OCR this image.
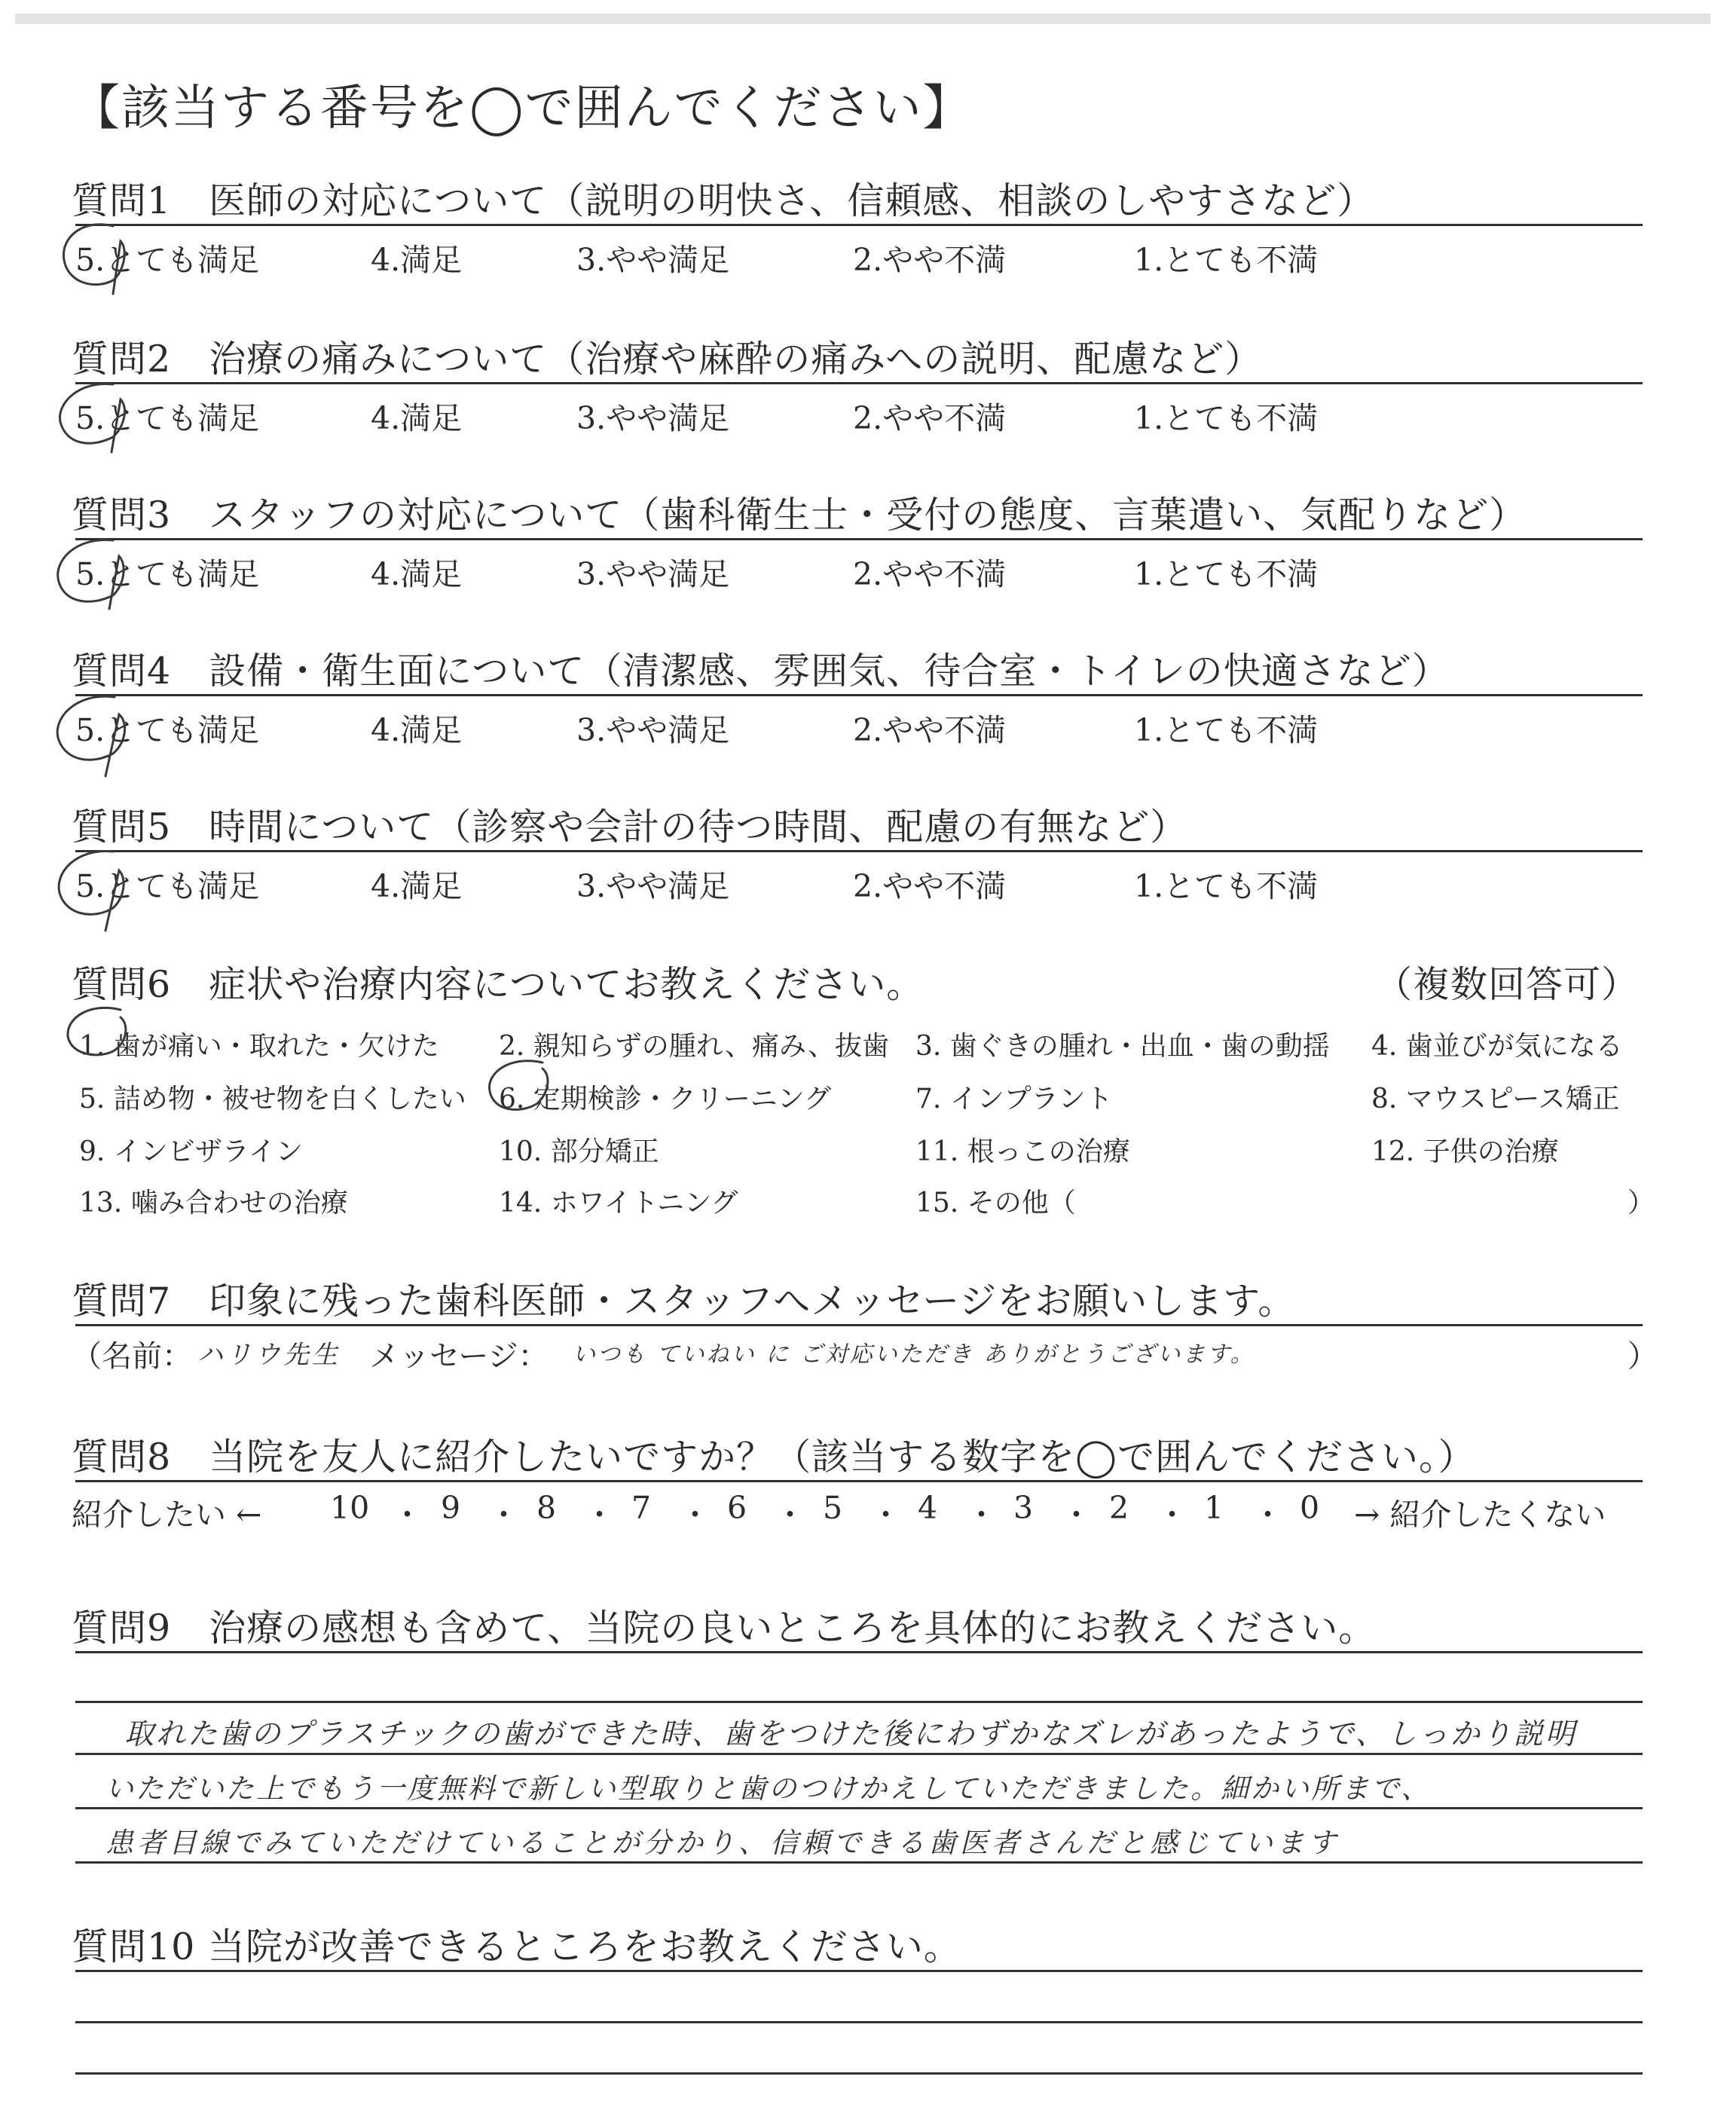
【該当する番号を◯で囲んでください】
質問1　医師の対応について（説明の明快さ、信頼感、相談のしやすさなど）
5.とても満足	4.満足	3.やや満足	2.やや不満	1.とても不満
質問2　治療の痛みについて（治療や麻酔の痛みへの説明、配慮など）
5.とても満足	4.満足	3.やや満足	2.やや不満	1.とても不満
質問3　スタッフの対応について（歯科衛生士・受付の態度、言葉遣い、気配りなど）
5.とても満足	4.満足	3.やや満足	2.やや不満	1.とても不満
質問4　設備・衛生面について（清潔感、雰囲気、待合室・トイレの快適さなど）
5.とても満足	4.満足	3.やや満足	2.やや不満	1.とても不満
質問5　時間について（診察や会計の待つ時間、配慮の有無など）
5.とても満足	4.満足	3.やや満足	2.やや不満	1.とても不満
質問6　症状や治療内容についてお教えください。	（複数回答可）
1. 歯が痛い・取れた・欠けた 2. 親知らずの腫れ、痛み、抜歯 3. 歯ぐきの腫れ・出血・歯の動揺 4. 歯並びが気になる
5. 詰め物・被せ物を白くしたい 6. 定期検診・クリーニング	7. インプラント	8. マウスピース矯正
9. インビザライン	10. 部分矯正	11. 根っこの治療	12. 子供の治療
13. 噛み合わせの治療	14. ホワイトニング	15. その他（	）
質問7　印象に残った歯科医師・スタッフへメッセージをお願いします。
（名前： ハリウ先生 メッセージ： いつも ていねい に ご対応いただき ありがとうございます。	）
質問8　当院を友人に紹介したいですか？（該当する数字を◯で囲んでください。）
紹介したい ← 10 ・ 9 ・ 8 ・ 7 ・ 6 ・ 5 ・ 4 ・ 3 ・ 2 ・ 1 ・ 0 → 紹介したくない
質問9　治療の感想も含めて、当院の良いところを具体的にお教えください。
取れた歯のプラスチックの歯ができた時、歯をつけた後にわずかなズレがあったようで、しっかり説明
いただいた上でもう一度無料で新しい型取りと歯のつけかえしていただきました。細かい所まで、
患者目線でみていただけていることが分かり、信頼できる歯医者さんだと感じています
質問10 当院が改善できるところをお教えください。
